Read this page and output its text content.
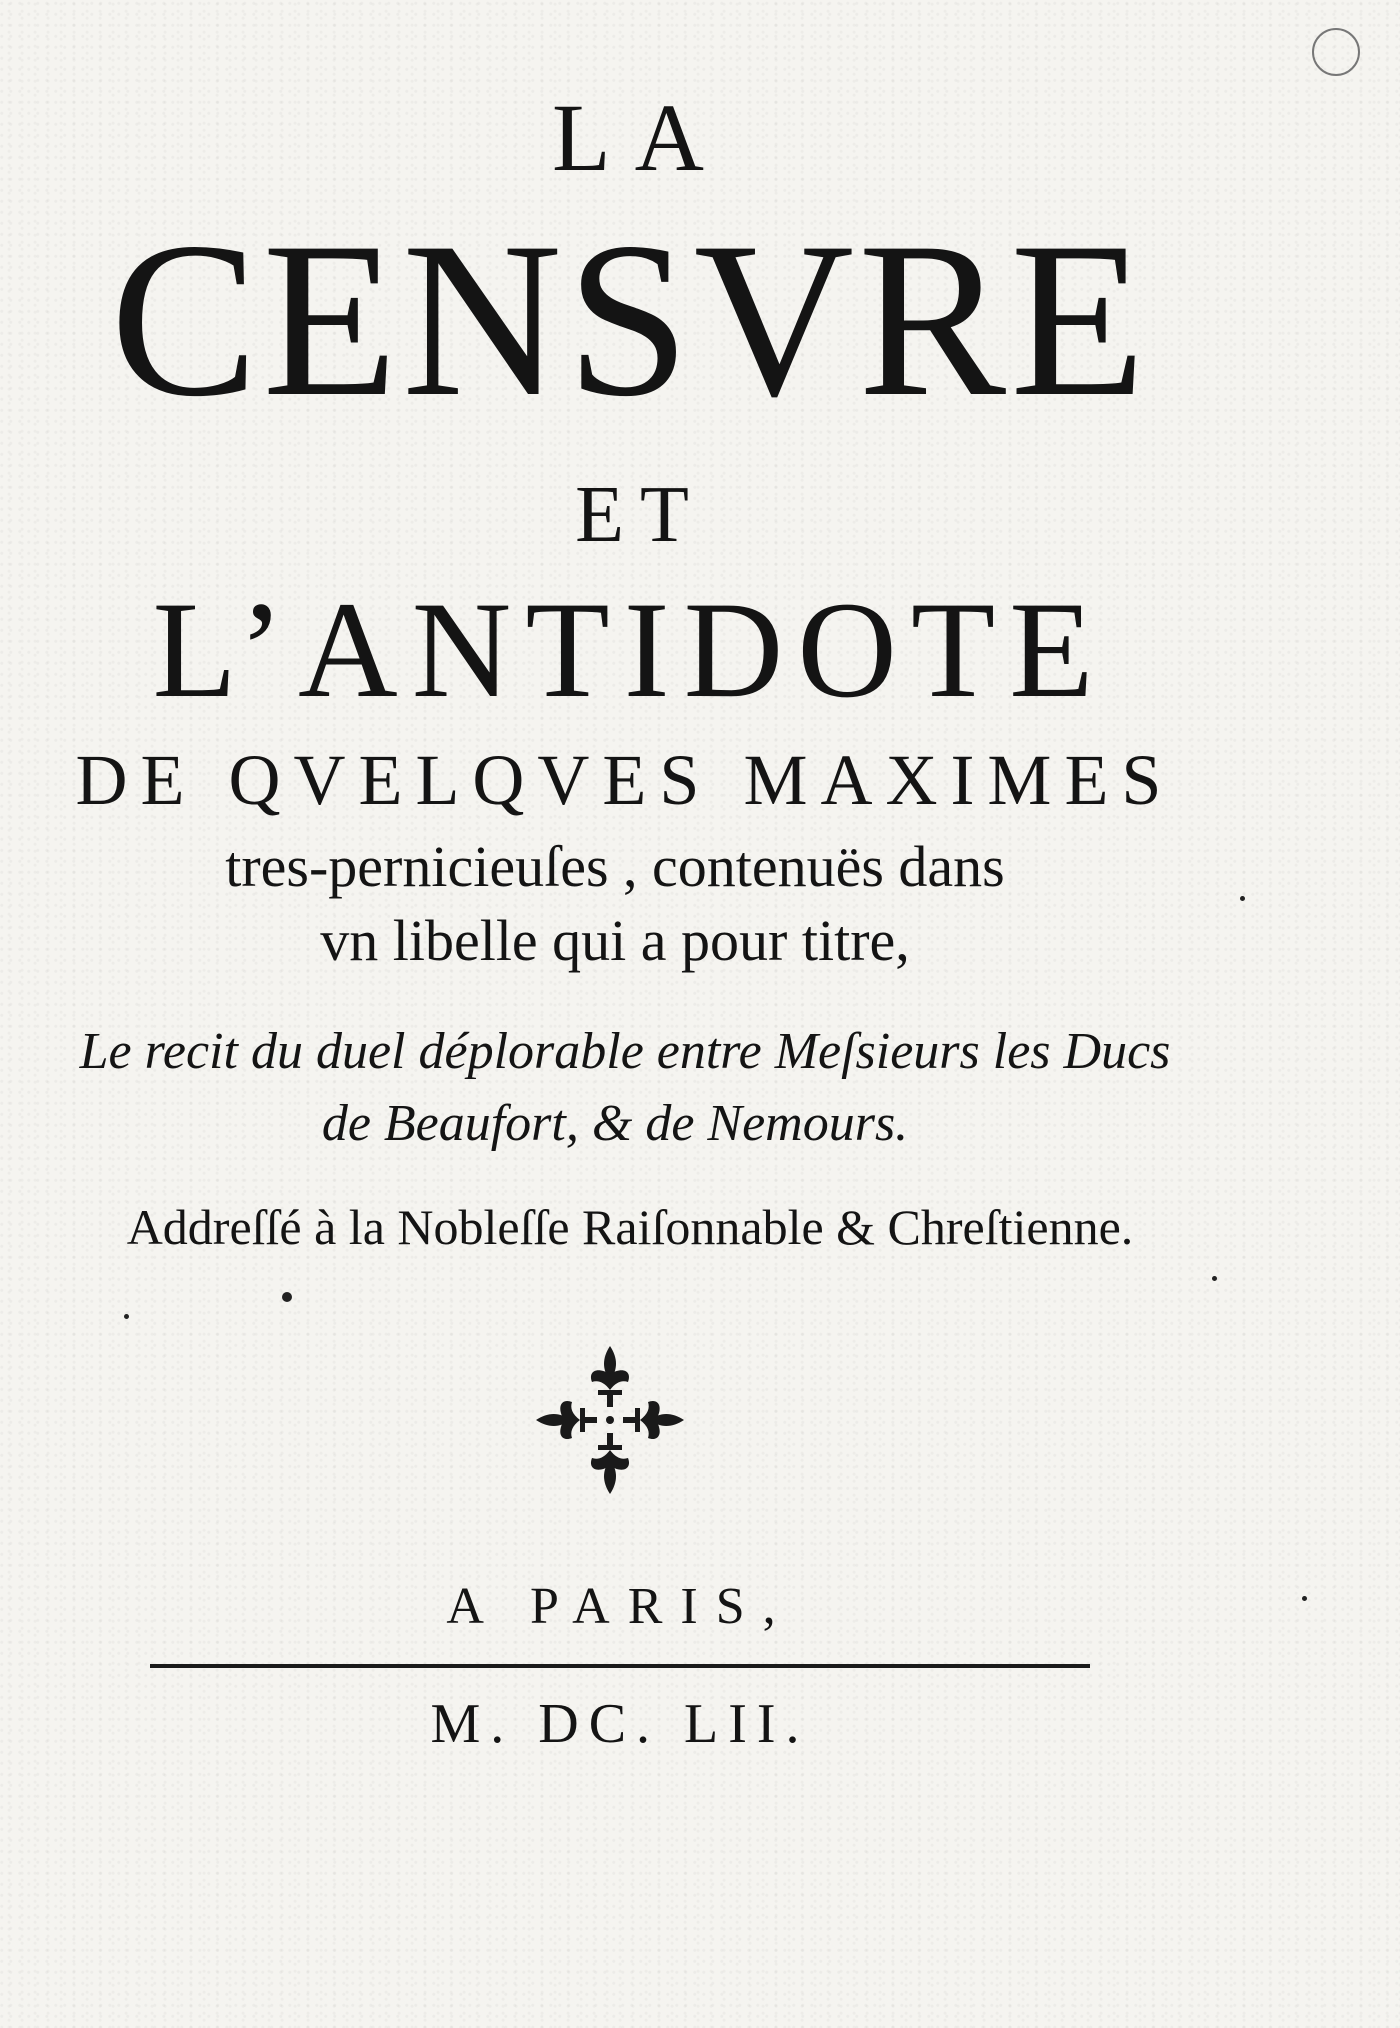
LA

CENSVRE

ET

L’ANTIDOTE

DE QVELQVES MAXIMES

tres-pernicieuſes , contenuës dans

vn libelle qui a pour titre,

Le recit du duel déplorable entre Meſsieurs les Ducs

de Beaufort, & de Nemours.

Addreſſé à la Nobleſſe Raiſonnable & Chreſtienne.

A PARIS,

M. DC. LII.
